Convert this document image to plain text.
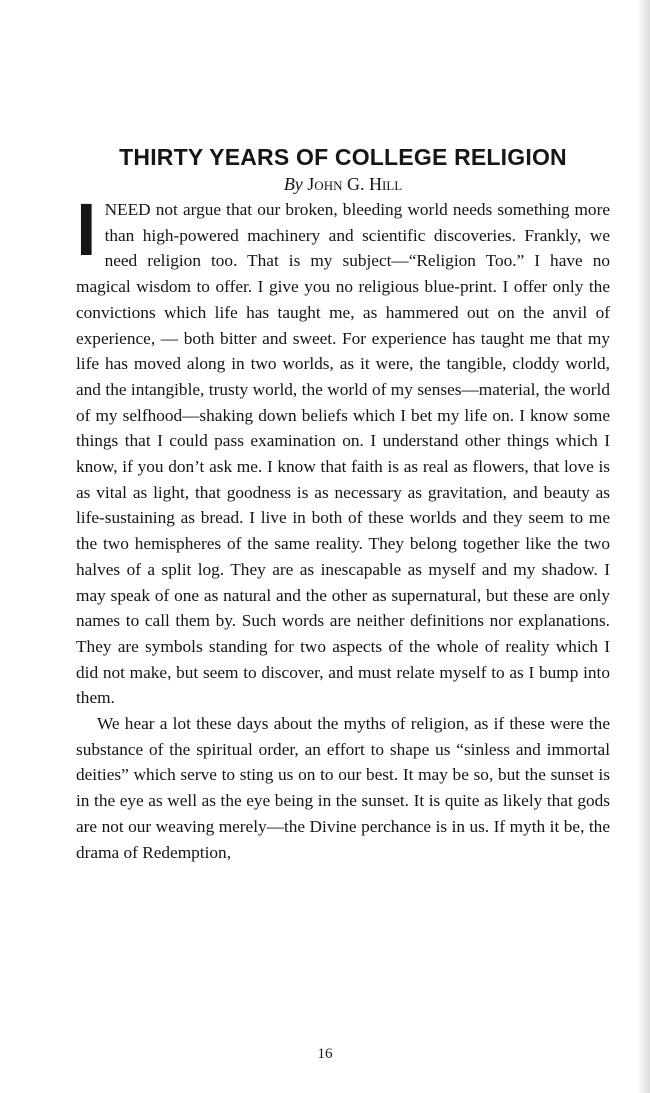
THIRTY YEARS OF COLLEGE RELIGION

By John G. Hill

I NEED not argue that our broken, bleeding world needs something more than high-powered machinery and scientific discoveries. Frankly, we need religion too. That is my subject—“Religion Too.” I have no magical wisdom to offer. I give you no religious blue-print. I offer only the convictions which life has taught me, as hammered out on the anvil of experience, — both bitter and sweet. For experience has taught me that my life has moved along in two worlds, as it were, the tangible, cloddy world, and the intangible, trusty world, the world of my senses—material, the world of my selfhood—shaking down beliefs which I bet my life on. I know some things that I could pass examination on. I understand other things which I know, if you don’t ask me. I know that faith is as real as flowers, that love is as vital as light, that goodness is as necessary as gravitation, and beauty as life-sustaining as bread. I live in both of these worlds and they seem to me the two hemispheres of the same reality. They belong together like the two halves of a split log. They are as inescapable as myself and my shadow. I may speak of one as natural and the other as supernatural, but these are only names to call them by. Such words are neither definitions nor explanations. They are symbols standing for two aspects of the whole of reality which I did not make, but seem to discover, and must relate myself to as I bump into them.

We hear a lot these days about the myths of religion, as if these were the substance of the spiritual order, an effort to shape us “sinless and immortal deities” which serve to sting us on to our best. It may be so, but the sunset is in the eye as well as the eye being in the sunset. It is quite as likely that gods are not our weaving merely—the Divine perchance is in us. If myth it be, the drama of Redemption,

16
